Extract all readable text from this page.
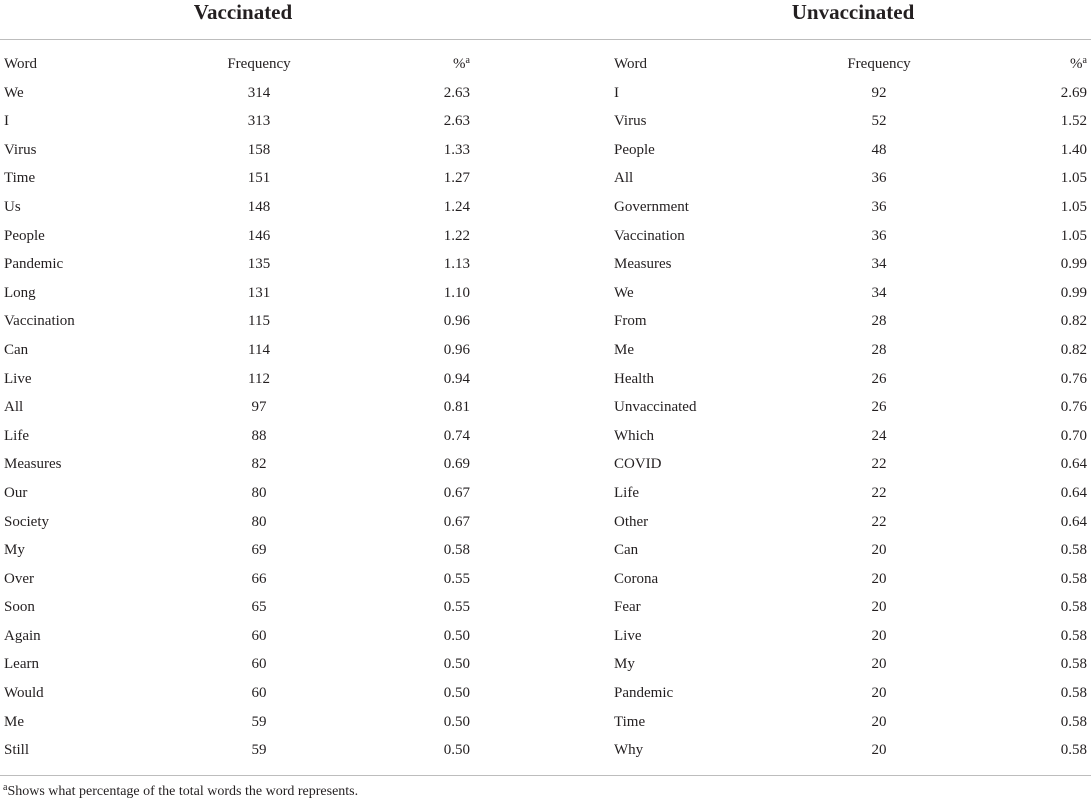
Vaccinated	Unvaccinated
Word	Frequency	%$^a$
We	314	2.63
I	313	2.63
Virus	158	1.33
Time	151	1.27
Us	148	1.24
People	146	1.22
Pandemic	135	1.13
Long	131	1.10
Vaccination	115	0.96
Can	114	0.96
Live	112	0.94
All	97	0.81
Life	88	0.74
Measures	82	0.69
Our	80	0.67
Society	80	0.67
My	69	0.58
Over	66	0.55
Soon	65	0.55
Again	60	0.50
Learn	60	0.50
Would	60	0.50
Me	59	0.50
Still	59	0.50
Word	Frequency	%$^a$
I	92	2.69
Virus	52	1.52
People	48	1.40
All	36	1.05
Government	36	1.05
Vaccination	36	1.05
Measures	34	0.99
We	34	0.99
From	28	0.82
Me	28	0.82
Health	26	0.76
Unvaccinated	26	0.76
Which	24	0.70
COVID	22	0.64
Life	22	0.64
Other	22	0.64
Can	20	0.58
Corona	20	0.58
Fear	20	0.58
Live	20	0.58
My	20	0.58
Pandemic	20	0.58
Time	20	0.58
Why	20	0.58
$^a$Shows what percentage of the total words the word represents.
